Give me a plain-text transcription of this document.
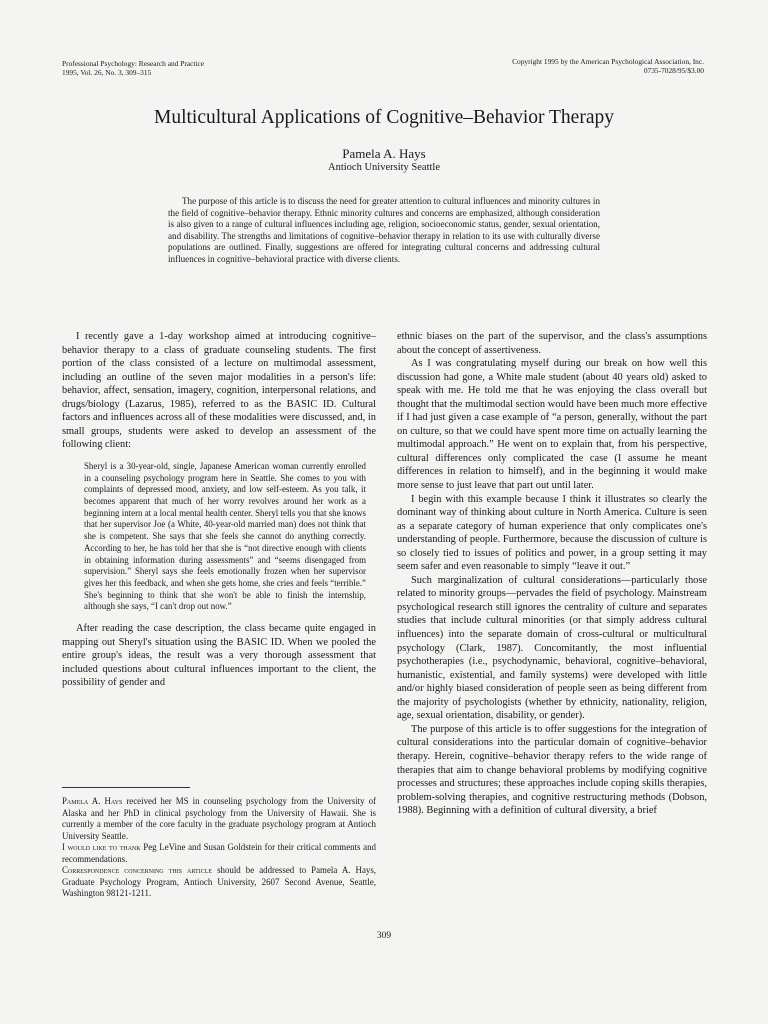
Professional Psychology: Research and Practice
1995, Vol. 26, No. 3, 309–315
Copyright 1995 by the American Psychological Association, Inc.
0735-7028/95/$3.00
Multicultural Applications of Cognitive–Behavior Therapy
Pamela A. Hays
Antioch University Seattle

The purpose of this article is to discuss the need for greater attention to cultural influences and minority cultures in the field of cognitive–behavior therapy. Ethnic minority cultures and concerns are emphasized, although consideration is also given to a range of cultural influences including age, religion, socioeconomic status, gender, sexual orientation, and disability. The strengths and limitations of cognitive–behavior therapy in relation to its use with culturally diverse populations are outlined. Finally, suggestions are offered for integrating cultural concerns and addressing cultural influences in cognitive–behavioral practice with diverse clients.

I recently gave a 1-day workshop aimed at introducing cognitive–behavior therapy to a class of graduate counseling students. The first portion of the class consisted of a lecture on multimodal assessment, including an outline of the seven major modalities in a person's life: behavior, affect, sensation, imagery, cognition, interpersonal relations, and drugs/biology (Lazarus, 1985), referred to as the BASIC ID. Cultural factors and influences across all of these modalities were discussed, and, in small groups, students were asked to develop an assessment of the following client:

Sheryl is a 30-year-old, single, Japanese American woman currently enrolled in a counseling psychology program here in Seattle. She comes to you with complaints of depressed mood, anxiety, and low self-esteem. As you talk, it becomes apparent that much of her worry revolves around her work as a beginning intern at a local mental health center. Sheryl tells you that she knows that her supervisor Joe (a White, 40-year-old married man) does not think that she is competent. She says that she feels she cannot do anything correctly. According to her, he has told her that she is “not directive enough with clients in obtaining information during assessments” and “seems disengaged from supervision.” Sheryl says she feels emotionally frozen when her supervisor gives her this feedback, and when she gets home, she cries and feels “terrible.” She's beginning to think that she won't be able to finish the internship, although she says, “I can't drop out now.”

After reading the case description, the class became quite engaged in mapping out Sheryl's situation using the BASIC ID. When we pooled the entire group's ideas, the result was a very thorough assessment that included questions about cultural influences important to the client, the possibility of gender and

ethnic biases on the part of the supervisor, and the class's assumptions about the concept of assertiveness.

As I was congratulating myself during our break on how well this discussion had gone, a White male student (about 40 years old) asked to speak with me. He told me that he was enjoying the class overall but thought that the multimodal section would have been much more effective if I had just given a case example of “a person, generally, without the part on culture, so that we could have spent more time on actually learning the multimodal approach.” He went on to explain that, from his perspective, cultural differences only complicated the case (I assume he meant differences in relation to himself), and in the beginning it would make more sense to just leave that part out until later.

I begin with this example because I think it illustrates so clearly the dominant way of thinking about culture in North America. Culture is seen as a separate category of human experience that only complicates one's understanding of people. Furthermore, because the discussion of culture is so closely tied to issues of politics and power, in a group setting it may seem safer and even reasonable to simply “leave it out.”

Such marginalization of cultural considerations—particularly those related to minority groups—pervades the field of psychology. Mainstream psychological research still ignores the centrality of culture and separates studies that include cultural minorities (or that simply address cultural influences) into the separate domain of cross-cultural or multicultural psychology (Clark, 1987). Concomitantly, the most influential psychotherapies (i.e., psychodynamic, behavioral, cognitive–behavioral, humanistic, existential, and family systems) were developed with little and/or highly biased consideration of people seen as being different from the majority of psychologists (whether by ethnicity, nationality, religion, age, sexual orientation, disability, or gender).

The purpose of this article is to offer suggestions for the integration of cultural considerations into the particular domain of cognitive–behavior therapy. Herein, cognitive–behavior therapy refers to the wide range of therapies that aim to change behavioral problems by modifying cognitive processes and structures; these approaches include coping skills therapies, problem-solving therapies, and cognitive restructuring methods (Dobson, 1988). Beginning with a definition of cultural diversity, a brief

Pamela A. Hays received her MS in counseling psychology from the University of Alaska and her PhD in clinical psychology from the University of Hawaii. She is currently a member of the core faculty in the graduate psychology program at Antioch University Seattle.

I would like to thank Peg LeVine and Susan Goldstein for their critical comments and recommendations.

Correspondence concerning this article should be addressed to Pamela A. Hays, Graduate Psychology Program, Antioch University, 2607 Second Avenue, Seattle, Washington 98121-1211.

309
